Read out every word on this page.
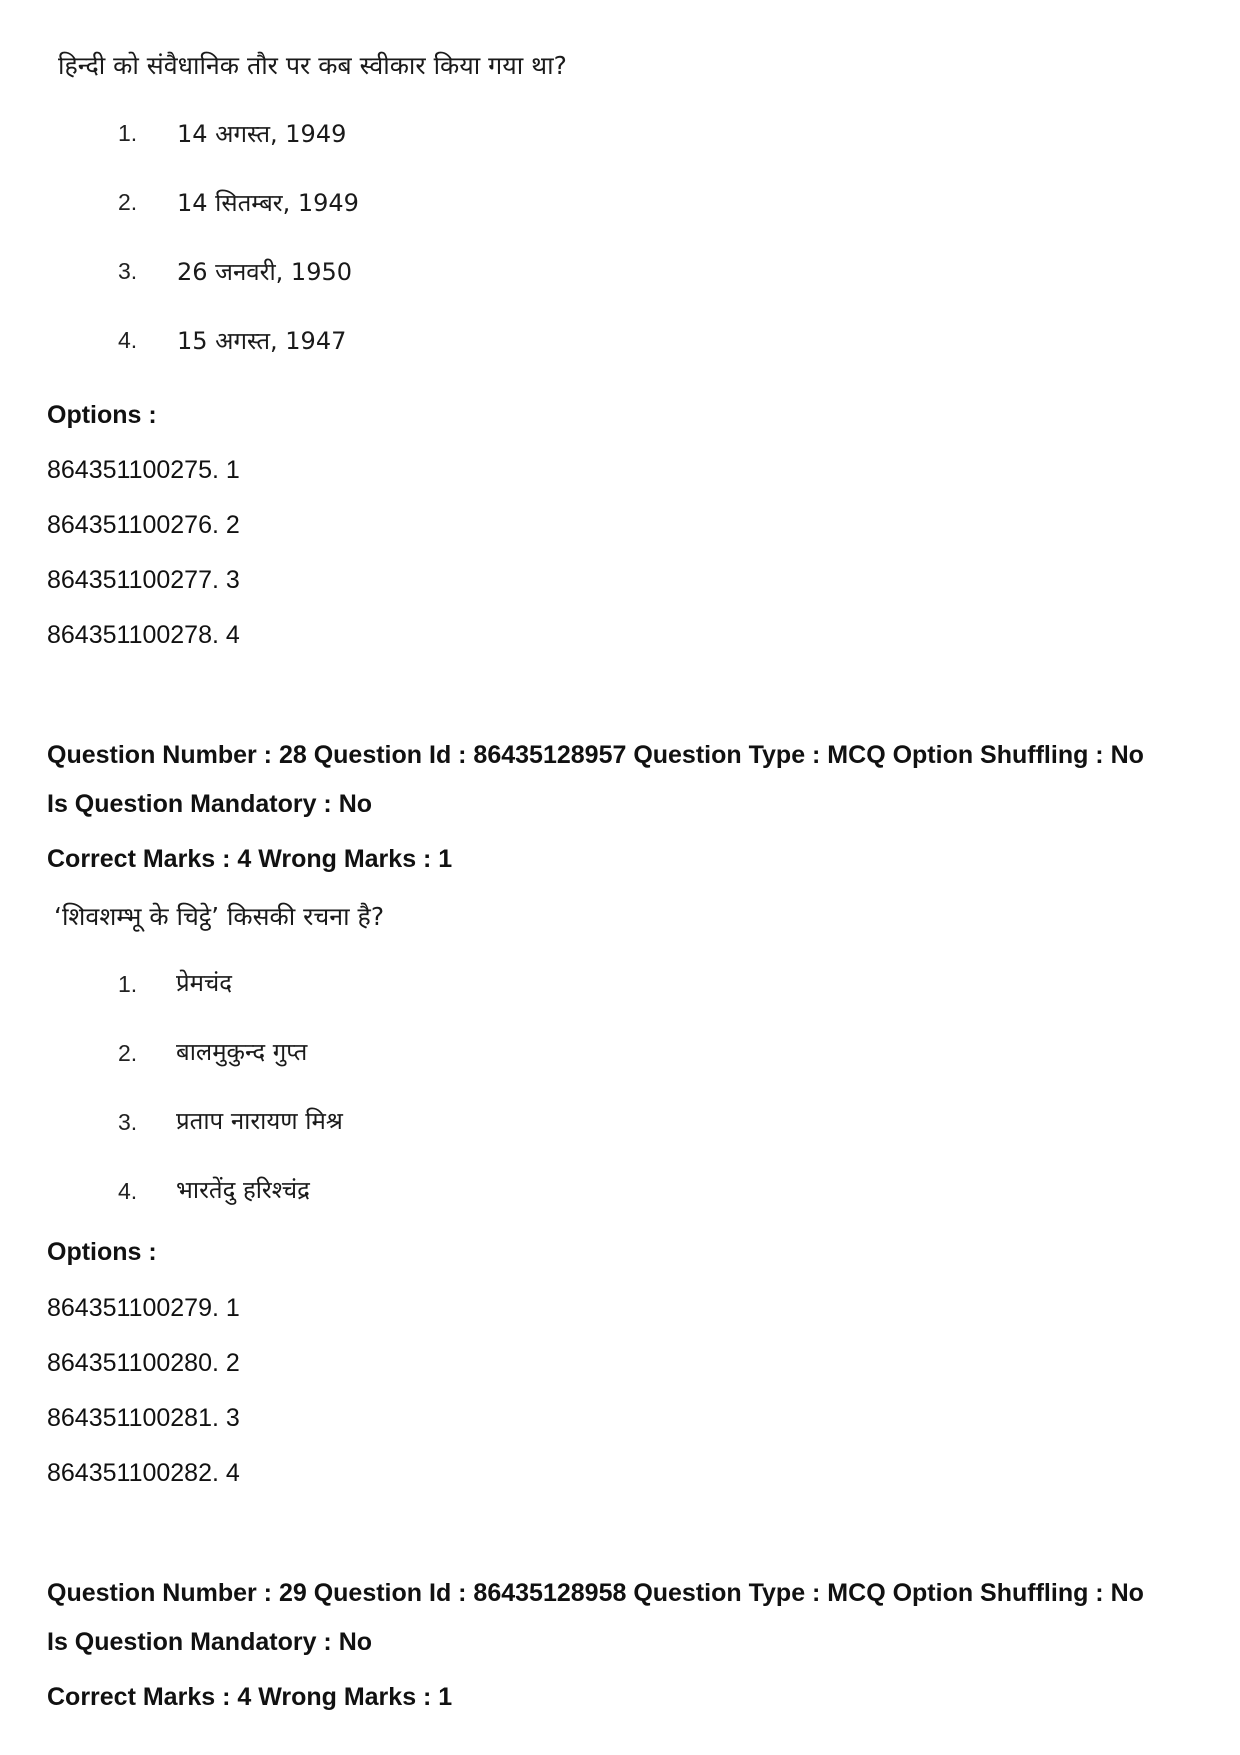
हिन्दी को संवैधानिक तौर पर कब स्वीकार किया गया था?
1. 14 अगस्त, 1949
2. 14 सितम्बर, 1949
3. 26 जनवरी, 1950
4. 15 अगस्त, 1947
Options :
864351100275. 1
864351100276. 2
864351100277. 3
864351100278. 4
Question Number : 28 Question Id : 86435128957 Question Type : MCQ Option Shuffling : No
Is Question Mandatory : No
Correct Marks : 4 Wrong Marks : 1
‘शिवशम्भू के चिट्ठे’ किसकी रचना है?
1. प्रेमचंद
2. बालमुकुन्द गुप्त
3. प्रताप नारायण मिश्र
4. भारतेंदु हरिश्चंद्र
Options :
864351100279. 1
864351100280. 2
864351100281. 3
864351100282. 4
Question Number : 29 Question Id : 86435128958 Question Type : MCQ Option Shuffling : No
Is Question Mandatory : No
Correct Marks : 4 Wrong Marks : 1
